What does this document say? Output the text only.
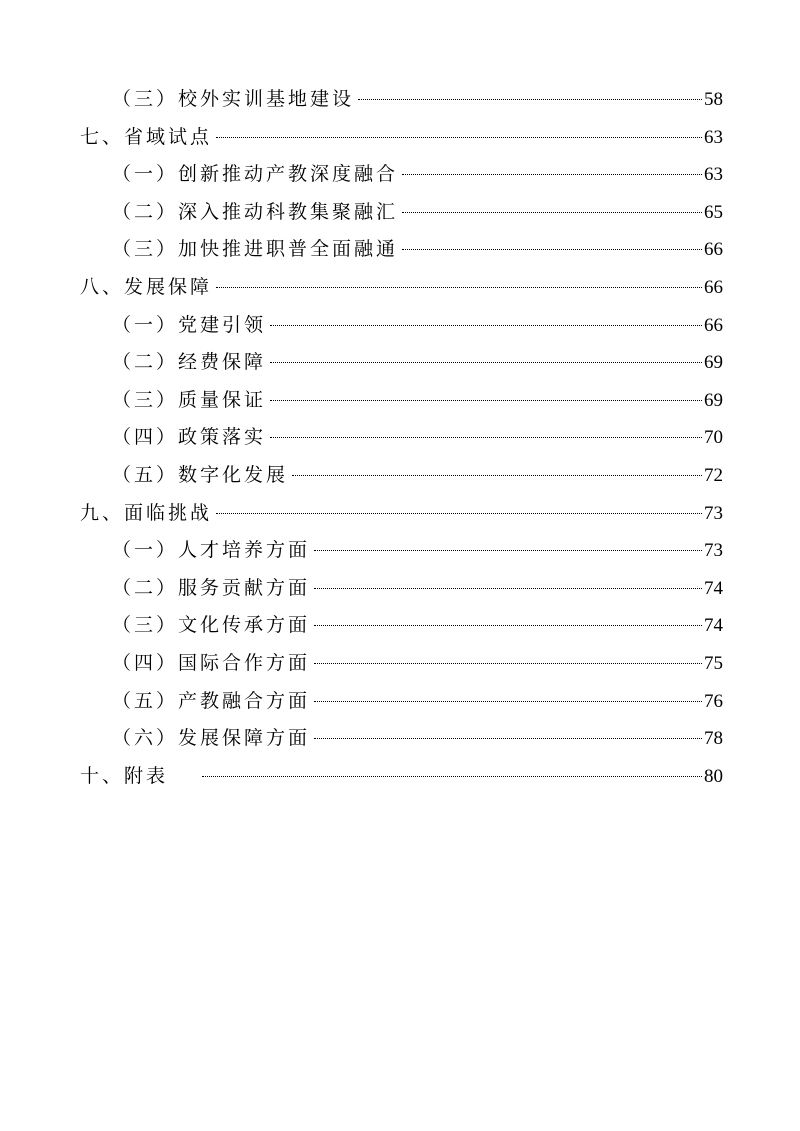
（三）校外实训基地建设	58
七、省域试点	63
（一）创新推动产教深度融合	63
（二）深入推动科教集聚融汇	65
（三）加快推进职普全面融通	66
八、发展保障	66
（一）党建引领	66
（二）经费保障	69
（三）质量保证	69
（四）政策落实	70
（五）数字化发展	72
九、面临挑战	73
（一）人才培养方面	73
（二）服务贡献方面	74
（三）文化传承方面	74
（四）国际合作方面	75
（五）产教融合方面	76
（六）发展保障方面	78
十、附表	80
